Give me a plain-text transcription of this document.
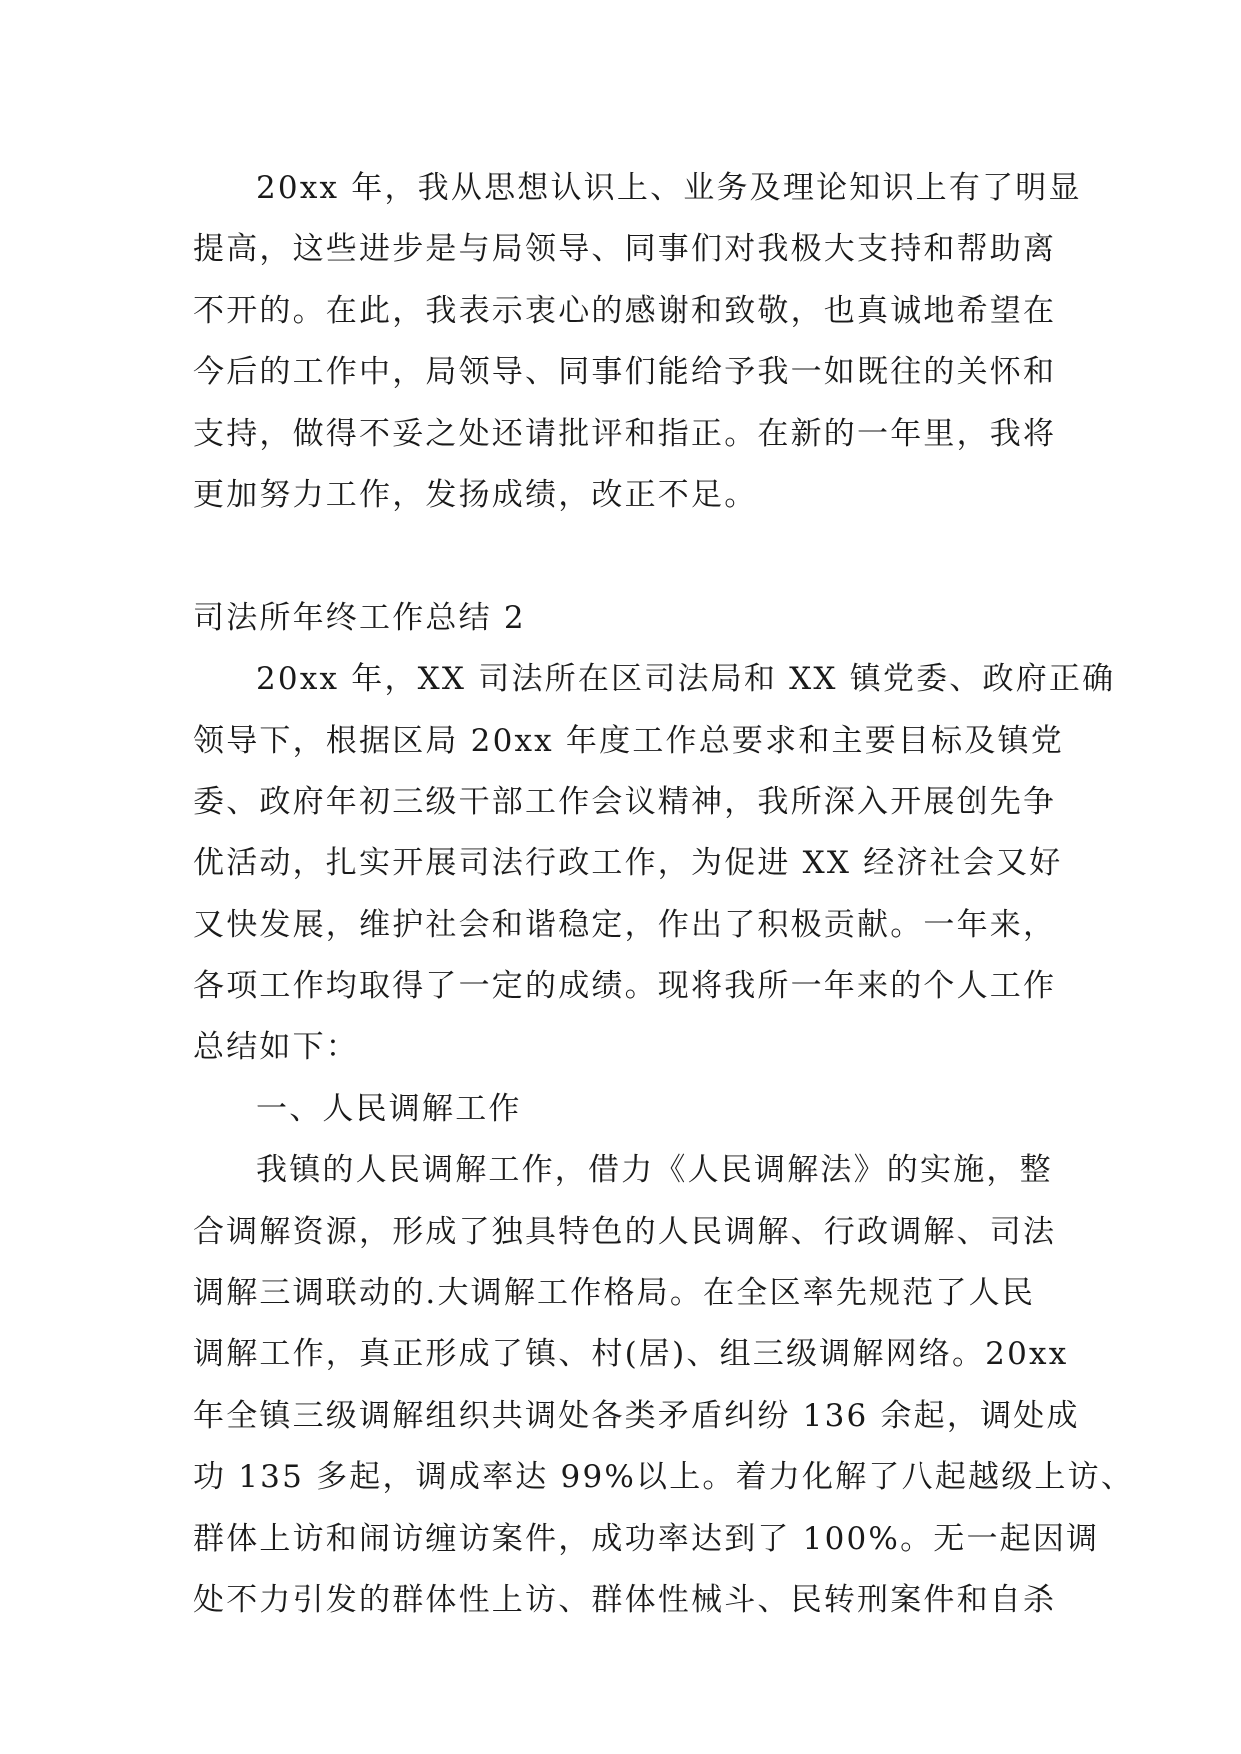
20xx 年，我从思想认识上、业务及理论知识上有了明显
提高，这些进步是与局领导、同事们对我极大支持和帮助离
不开的。在此，我表示衷心的感谢和致敬，也真诚地希望在
今后的工作中，局领导、同事们能给予我一如既往的关怀和
支持，做得不妥之处还请批评和指正。在新的一年里，我将
更加努力工作，发扬成绩，改正不足。
司法所年终工作总结 2
20xx 年，XX 司法所在区司法局和 XX 镇党委、政府正确
领导下，根据区局 20xx 年度工作总要求和主要目标及镇党
委、政府年初三级干部工作会议精神，我所深入开展创先争
优活动，扎实开展司法行政工作，为促进 XX 经济社会又好
又快发展，维护社会和谐稳定，作出了积极贡献。一年来，
各项工作均取得了一定的成绩。现将我所一年来的个人工作
总结如下：
一、人民调解工作
我镇的人民调解工作，借力《人民调解法》的实施，整
合调解资源，形成了独具特色的人民调解、行政调解、司法
调解三调联动的.大调解工作格局。在全区率先规范了人民
调解工作，真正形成了镇、村(居)、组三级调解网络。20xx
年全镇三级调解组织共调处各类矛盾纠纷 136 余起，调处成
功 135 多起，调成率达 99%以上。着力化解了八起越级上访、
群体上访和闹访缠访案件，成功率达到了 100%。无一起因调
处不力引发的群体性上访、群体性械斗、民转刑案件和自杀
